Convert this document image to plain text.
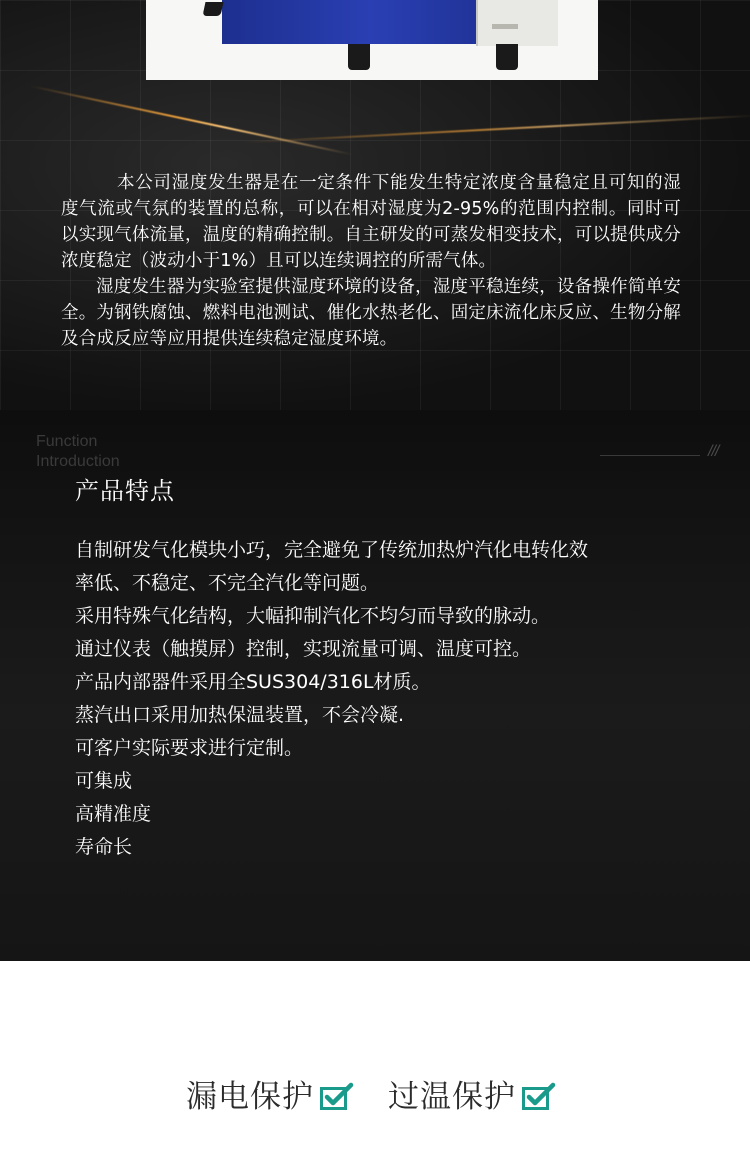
本公司湿度发生器是在一定条件下能发生特定浓度含量稳定且可知的湿度气流或气氛的装置的总称，可以在相对湿度为2-95%的范围内控制。同时可以实现气体流量，温度的精确控制。自主研发的可蒸发相变技术，可以提供成分浓度稳定（波动小于1%）且可以连续调控的所需气体。

湿度发生器为实验室提供湿度环境的设备，湿度平稳连续，设备操作简单安全。为钢铁腐蚀、燃料电池测试、催化水热老化、固定床流化床反应、生物分解及合成反应等应用提供连续稳定湿度环境。

Function
Introduction
///
产品特点
自制研发气化模块小巧，完全避免了传统加热炉汽化电转化效
率低、不稳定、不完全汽化等问题。
采用特殊气化结构，大幅抑制汽化不均匀而导致的脉动。
通过仪表（触摸屏）控制，实现流量可调、温度可控。
产品内部器件采用全SUS304/316L材质。
蒸汽出口采用加热保温装置，不会冷凝.
可客户实际要求进行定制。
可集成
高精准度
寿命长
漏电保护 过温保护
